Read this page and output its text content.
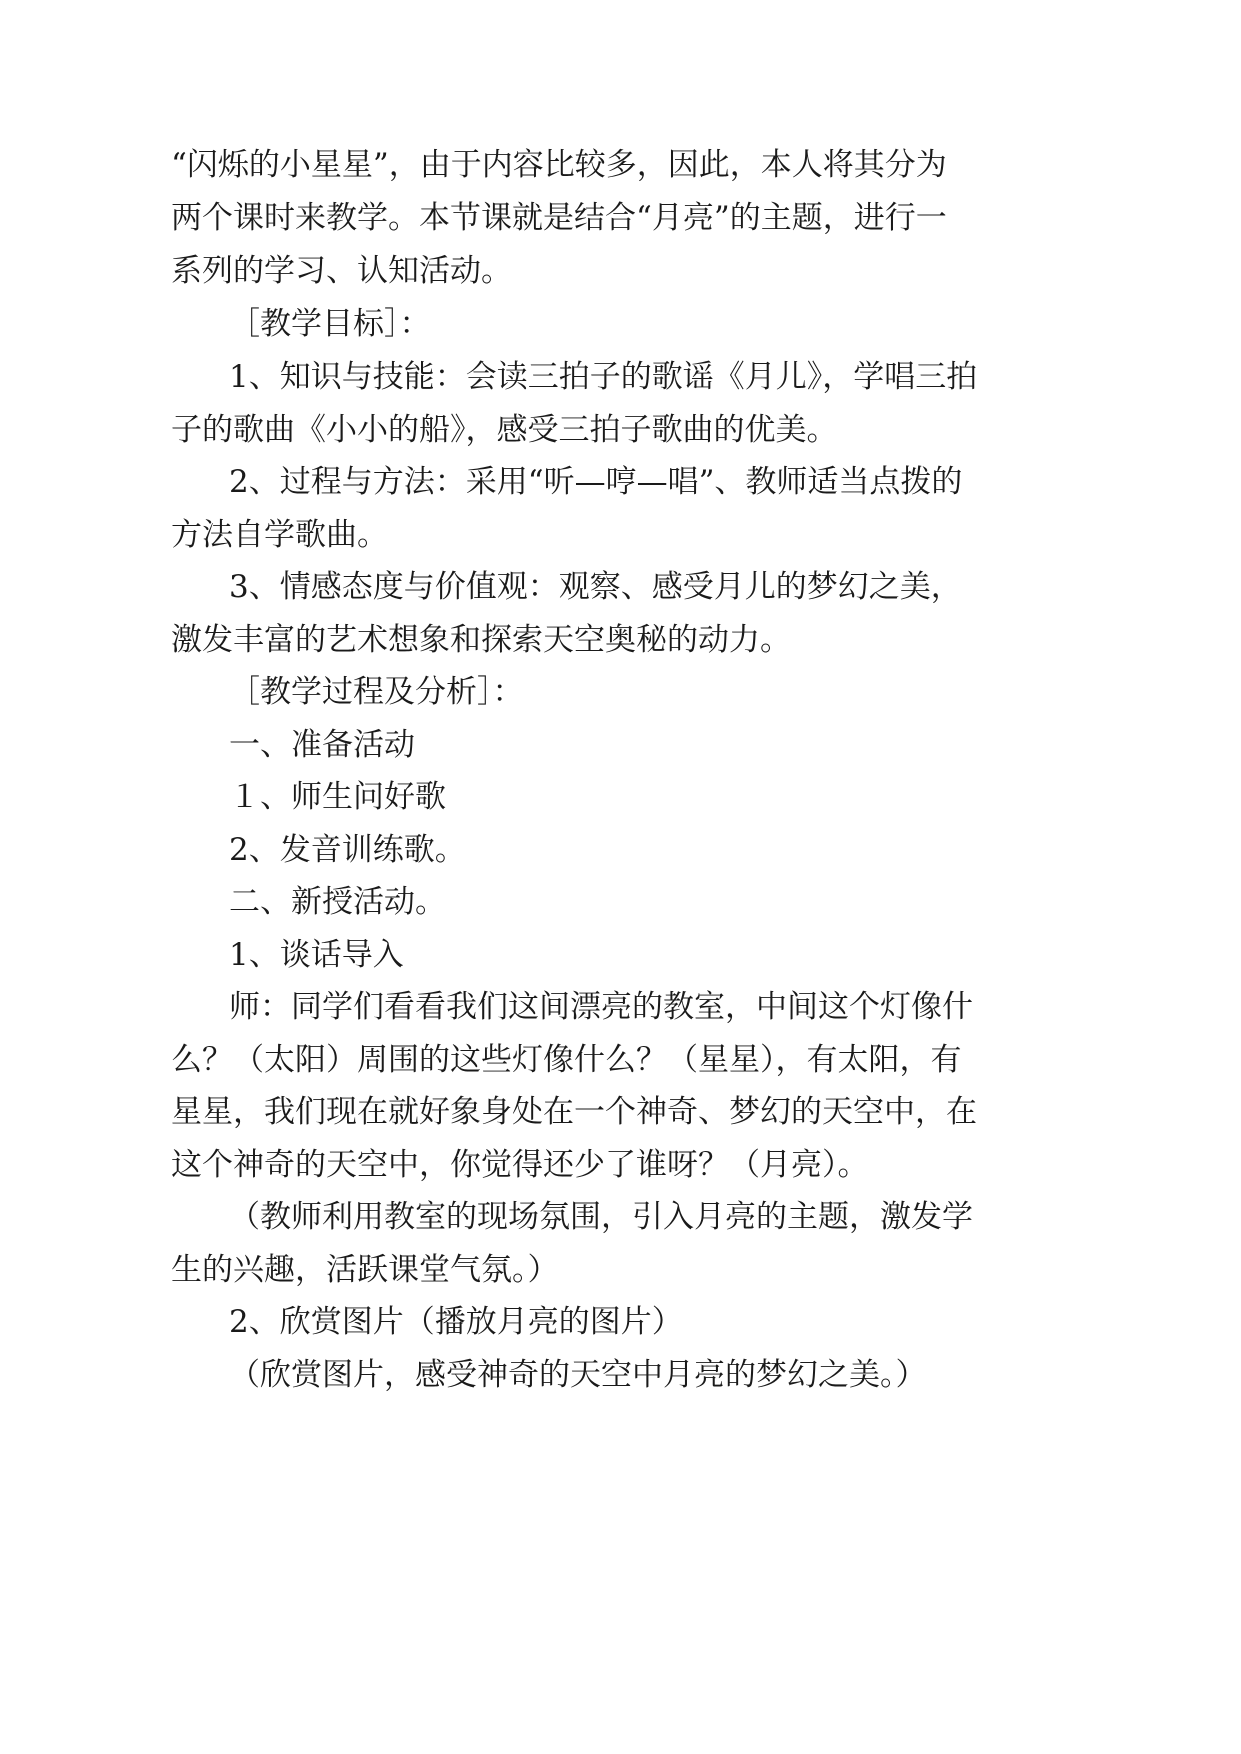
“闪烁的小星星”，由于内容比较多，因此，本人将其分为
两个课时来教学。本节课就是结合“月亮”的主题，进行一
系列的学习、认知活动。
［教学目标］：
1、知识与技能：会读三拍子的歌谣《月儿》，学唱三拍
子的歌曲《小小的船》，感受三拍子歌曲的优美。
2、过程与方法：采用“听—哼—唱”、教师适当点拨的
方法自学歌曲。
3、情感态度与价值观：观察、感受月儿的梦幻之美，
激发丰富的艺术想象和探索天空奥秘的动力。
［教学过程及分析］：
一、准备活动
１、师生问好歌
2、发音训练歌。
二、新授活动。
1、谈话导入
师：同学们看看我们这间漂亮的教室，中间这个灯像什
么？（太阳）周围的这些灯像什么？（星星），有太阳，有
星星，我们现在就好象身处在一个神奇、梦幻的天空中，在
这个神奇的天空中，你觉得还少了谁呀？（月亮）。
（教师利用教室的现场氛围，引入月亮的主题，激发学
生的兴趣，活跃课堂气氛。）
2、欣赏图片（播放月亮的图片）
（欣赏图片，感受神奇的天空中月亮的梦幻之美。）
